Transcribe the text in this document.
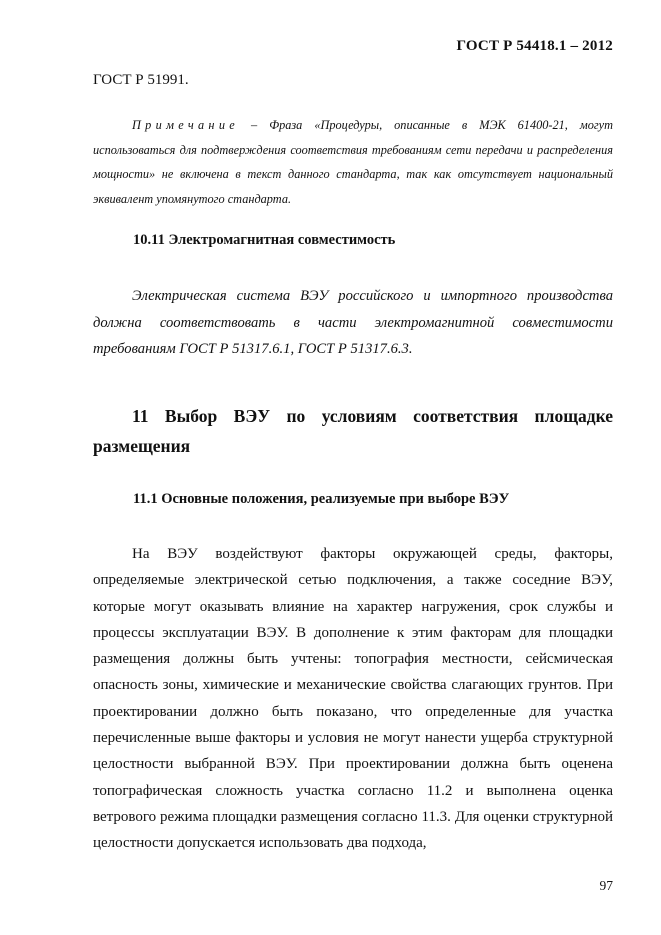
ГОСТ Р 54418.1 – 2012
ГОСТ Р 51991.
Примечание – Фраза «Процедуры, описанные в МЭК 61400-21, могут использоваться для подтверждения соответствия требованиям сети передачи и распределения мощности» не включена в текст данного стандарта, так как отсутствует национальный эквивалент упомянутого стандарта.
10.11 Электромагнитная совместимость
Электрическая система ВЭУ российского и импортного производства должна соответствовать в части электромагнитной совместимости требованиям ГОСТ Р 51317.6.1, ГОСТ Р 51317.6.3.
11 Выбор ВЭУ по условиям соответствия площадке размещения
11.1 Основные положения, реализуемые при выборе ВЭУ
На ВЭУ воздействуют факторы окружающей среды, факторы, определяемые электрической сетью подключения, а также соседние ВЭУ, которые могут оказывать влияние на характер нагружения, срок службы и процессы эксплуатации ВЭУ. В дополнение к этим факторам для площадки размещения должны быть учтены: топография местности, сейсмическая опасность зоны, химические и механические свойства слагающих грунтов. При проектировании должно быть показано, что определенные для участка перечисленные выше факторы и условия не могут нанести ущерба структурной целостности выбранной ВЭУ. При проектировании должна быть оценена топографическая сложность участка согласно 11.2 и выполнена оценка ветрового режима площадки размещения согласно 11.3. Для оценки структурной целостности допускается использовать два подхода,
97
